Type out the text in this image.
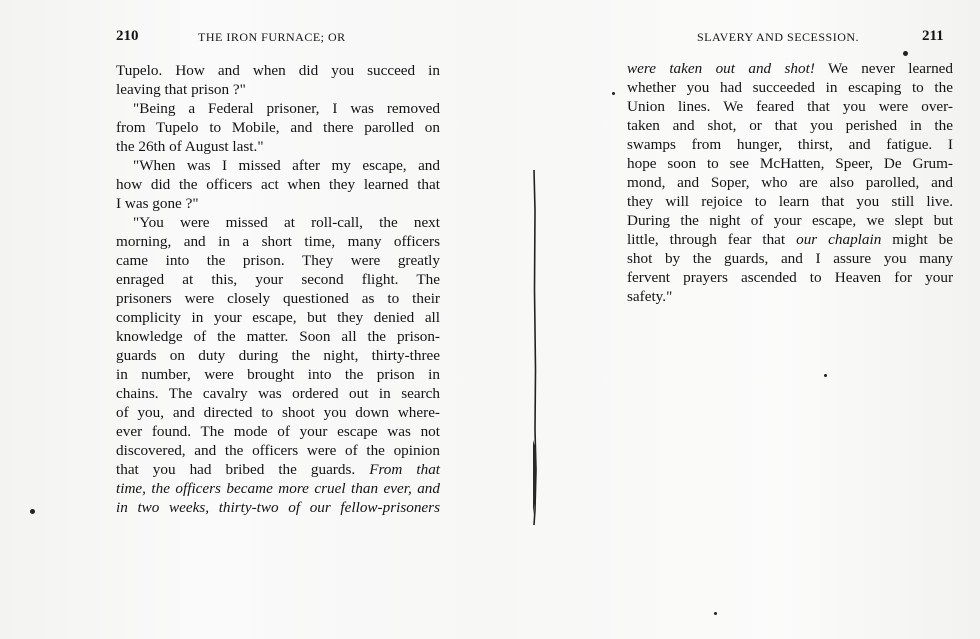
210	THE IRON FURNACE; OR
Tupelo. How and when did you succeed in
leaving that prison ?"
"Being a Federal prisoner, I was removed
from Tupelo to Mobile, and there parolled on
the 26th of August last."
"When was I missed after my escape, and
how did the officers act when they learned that
I was gone ?"
"You were missed at roll-call, the next
morning, and in a short time, many officers
came into the prison. They were greatly
enraged at this, your second flight. The
prisoners were closely questioned as to their
complicity in your escape, but they denied all
knowledge of the matter. Soon all the prison-
guards on duty during the night, thirty-three
in number, were brought into the prison in
chains. The cavalry was ordered out in search
of you, and directed to shoot you down where-
ever found. The mode of your escape was not
discovered, and the officers were of the opinion
that you had bribed the guards. From that
time, the officers became more cruel than ever, and
in two weeks, thirty-two of our fellow-prisoners
SLAVERY AND SECESSION.	211
were taken out and shot! We never learned
whether you had succeeded in escaping to the
Union lines. We feared that you were over-
taken and shot, or that you perished in the
swamps from hunger, thirst, and fatigue. I
hope soon to see McHatten, Speer, De Grum-
mond, and Soper, who are also parolled, and
they will rejoice to learn that you still live.
During the night of your escape, we slept but
little, through fear that our chaplain might be
shot by the guards, and I assure you many
fervent prayers ascended to Heaven for your
safety."
